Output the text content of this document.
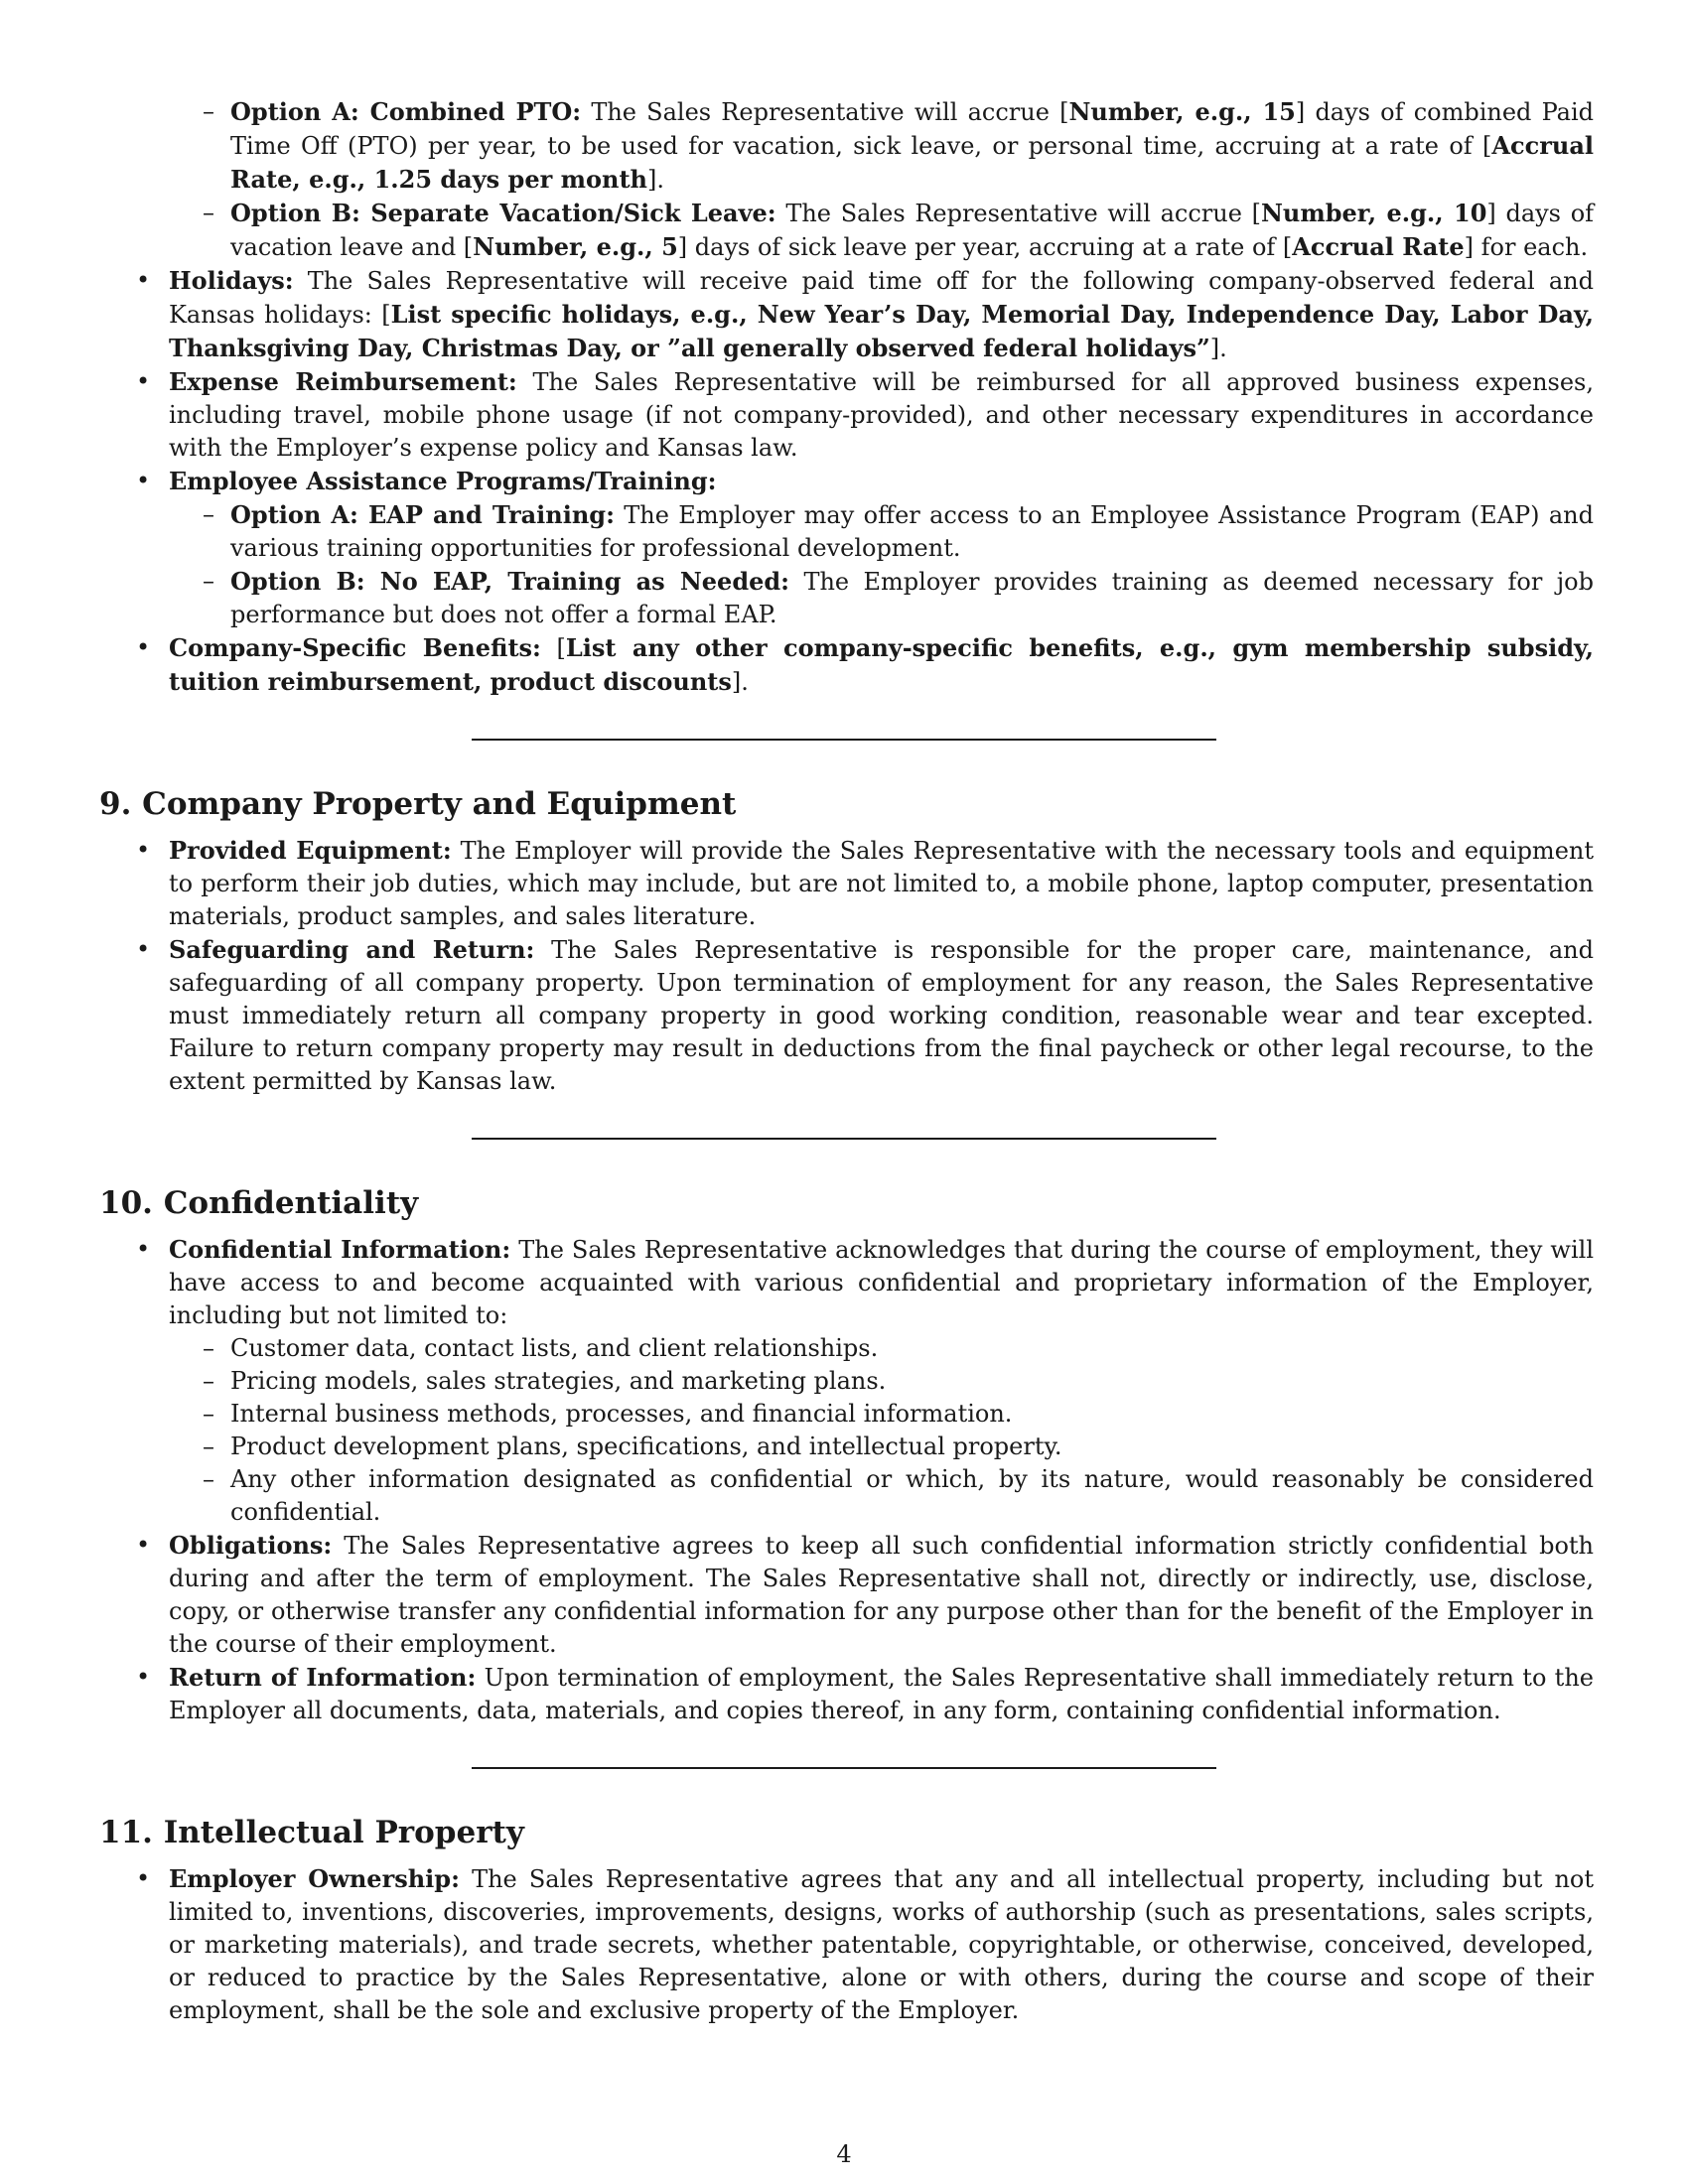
– Option A: Combined PTO: The Sales Representative will accrue [Number, e.g., 15] days of combined Paid Time Off (PTO) per year, to be used for vacation, sick leave, or personal time, accruing at a rate of [Accrual Rate, e.g., 1.25 days per month].
– Option B: Separate Vacation/Sick Leave: The Sales Representative will accrue [Number, e.g., 10] days of vacation leave and [Number, e.g., 5] days of sick leave per year, accruing at a rate of [Accrual Rate] for each.
• Holidays: The Sales Representative will receive paid time off for the following company-observed federal and Kansas holidays: [List specific holidays, e.g., New Year’s Day, Memorial Day, Independence Day, Labor Day, Thanksgiving Day, Christmas Day, or ”all generally observed federal holidays”].
• Expense Reimbursement: The Sales Representative will be reimbursed for all approved business expenses, including travel, mobile phone usage (if not company-provided), and other necessary expenditures in accordance with the Employer’s expense policy and Kansas law.
• Employee Assistance Programs/Training:
– Option A: EAP and Training: The Employer may offer access to an Employee Assistance Program (EAP) and various training opportunities for professional development.
– Option B: No EAP, Training as Needed: The Employer provides training as deemed necessary for job performance but does not offer a formal EAP.
• Company-Specific Benefits: [List any other company-specific benefits, e.g., gym membership subsidy, tuition reimbursement, product discounts].
9. Company Property and Equipment
• Provided Equipment: The Employer will provide the Sales Representative with the necessary tools and equipment to perform their job duties, which may include, but are not limited to, a mobile phone, laptop computer, presentation materials, product samples, and sales literature.
• Safeguarding and Return: The Sales Representative is responsible for the proper care, maintenance, and safeguarding of all company property. Upon termination of employment for any reason, the Sales Representative must immediately return all company property in good working condition, reasonable wear and tear excepted. Failure to return company property may result in deductions from the final paycheck or other legal recourse, to the extent permitted by Kansas law.
10. Confidentiality
• Confidential Information: The Sales Representative acknowledges that during the course of employment, they will have access to and become acquainted with various confidential and proprietary information of the Employer, including but not limited to:
– Customer data, contact lists, and client relationships.
– Pricing models, sales strategies, and marketing plans.
– Internal business methods, processes, and financial information.
– Product development plans, specifications, and intellectual property.
– Any other information designated as confidential or which, by its nature, would reasonably be considered confidential.
• Obligations: The Sales Representative agrees to keep all such confidential information strictly confidential both during and after the term of employment. The Sales Representative shall not, directly or indirectly, use, disclose, copy, or otherwise transfer any confidential information for any purpose other than for the benefit of the Employer in the course of their employment.
• Return of Information: Upon termination of employment, the Sales Representative shall immediately return to the Employer all documents, data, materials, and copies thereof, in any form, containing confidential information.
11. Intellectual Property
• Employer Ownership: The Sales Representative agrees that any and all intellectual property, including but not limited to, inventions, discoveries, improvements, designs, works of authorship (such as presentations, sales scripts, or marketing materials), and trade secrets, whether patentable, copyrightable, or otherwise, conceived, developed, or reduced to practice by the Sales Representative, alone or with others, during the course and scope of their employment, shall be the sole and exclusive property of the Employer.
4
